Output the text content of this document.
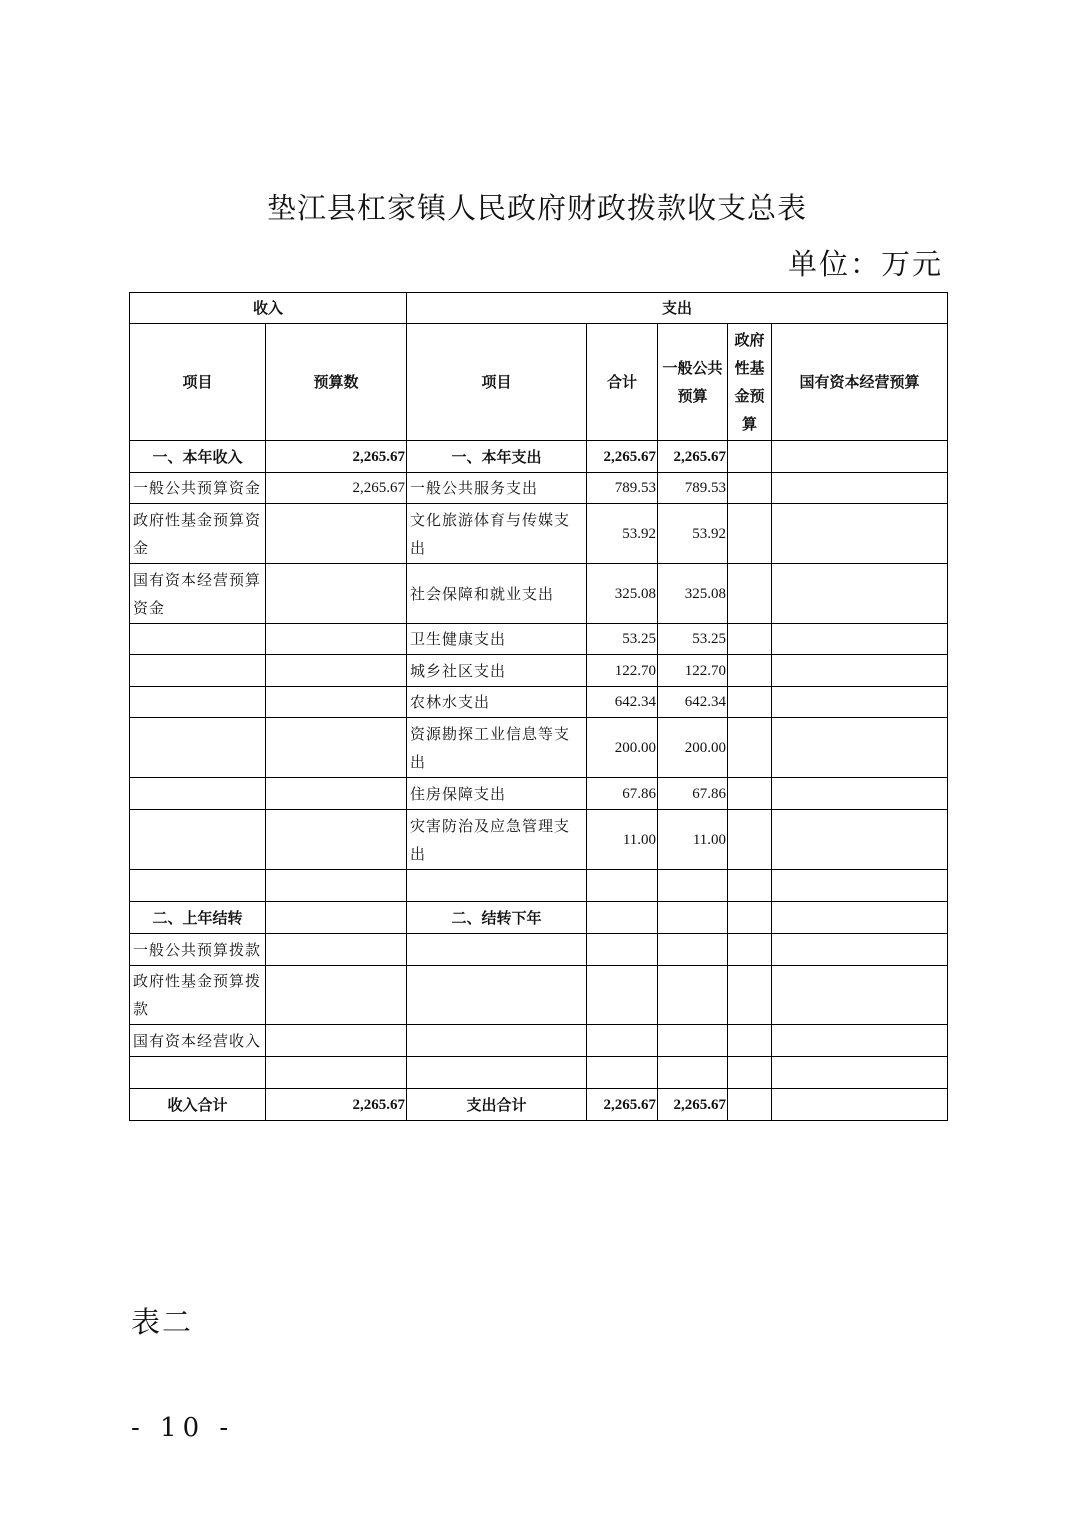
垫江县杠家镇人民政府财政拨款收支总表
单位：万元
收入		支出				
项目	预算数	项目	合计	一般公共预算	政府性基金预算	国有资本经营预算
一、本年收入	2,265.67	一、本年支出	2,265.67	2,265.67		
一般公共预算资金	2,265.67	一般公共服务支出	789.53	789.53		
政府性基金预算资金		文化旅游体育与传媒支出	53.92	53.92		
国有资本经营预算资金		社会保障和就业支出	325.08	325.08		
		卫生健康支出	53.25	53.25		
		城乡社区支出	122.70	122.70		
		农林水支出	642.34	642.34		
		资源勘探工业信息等支出	200.00	200.00		
		住房保障支出	67.86	67.86		
		灾害防治及应急管理支出	11.00	11.00		

二、上年结转		二、结转下年				
一般公共预算拨款						
政府性基金预算拨款						
国有资本经营收入						

收入合计	2,265.67	支出合计	2,265.67	2,265.67		
表二
- 10 -
